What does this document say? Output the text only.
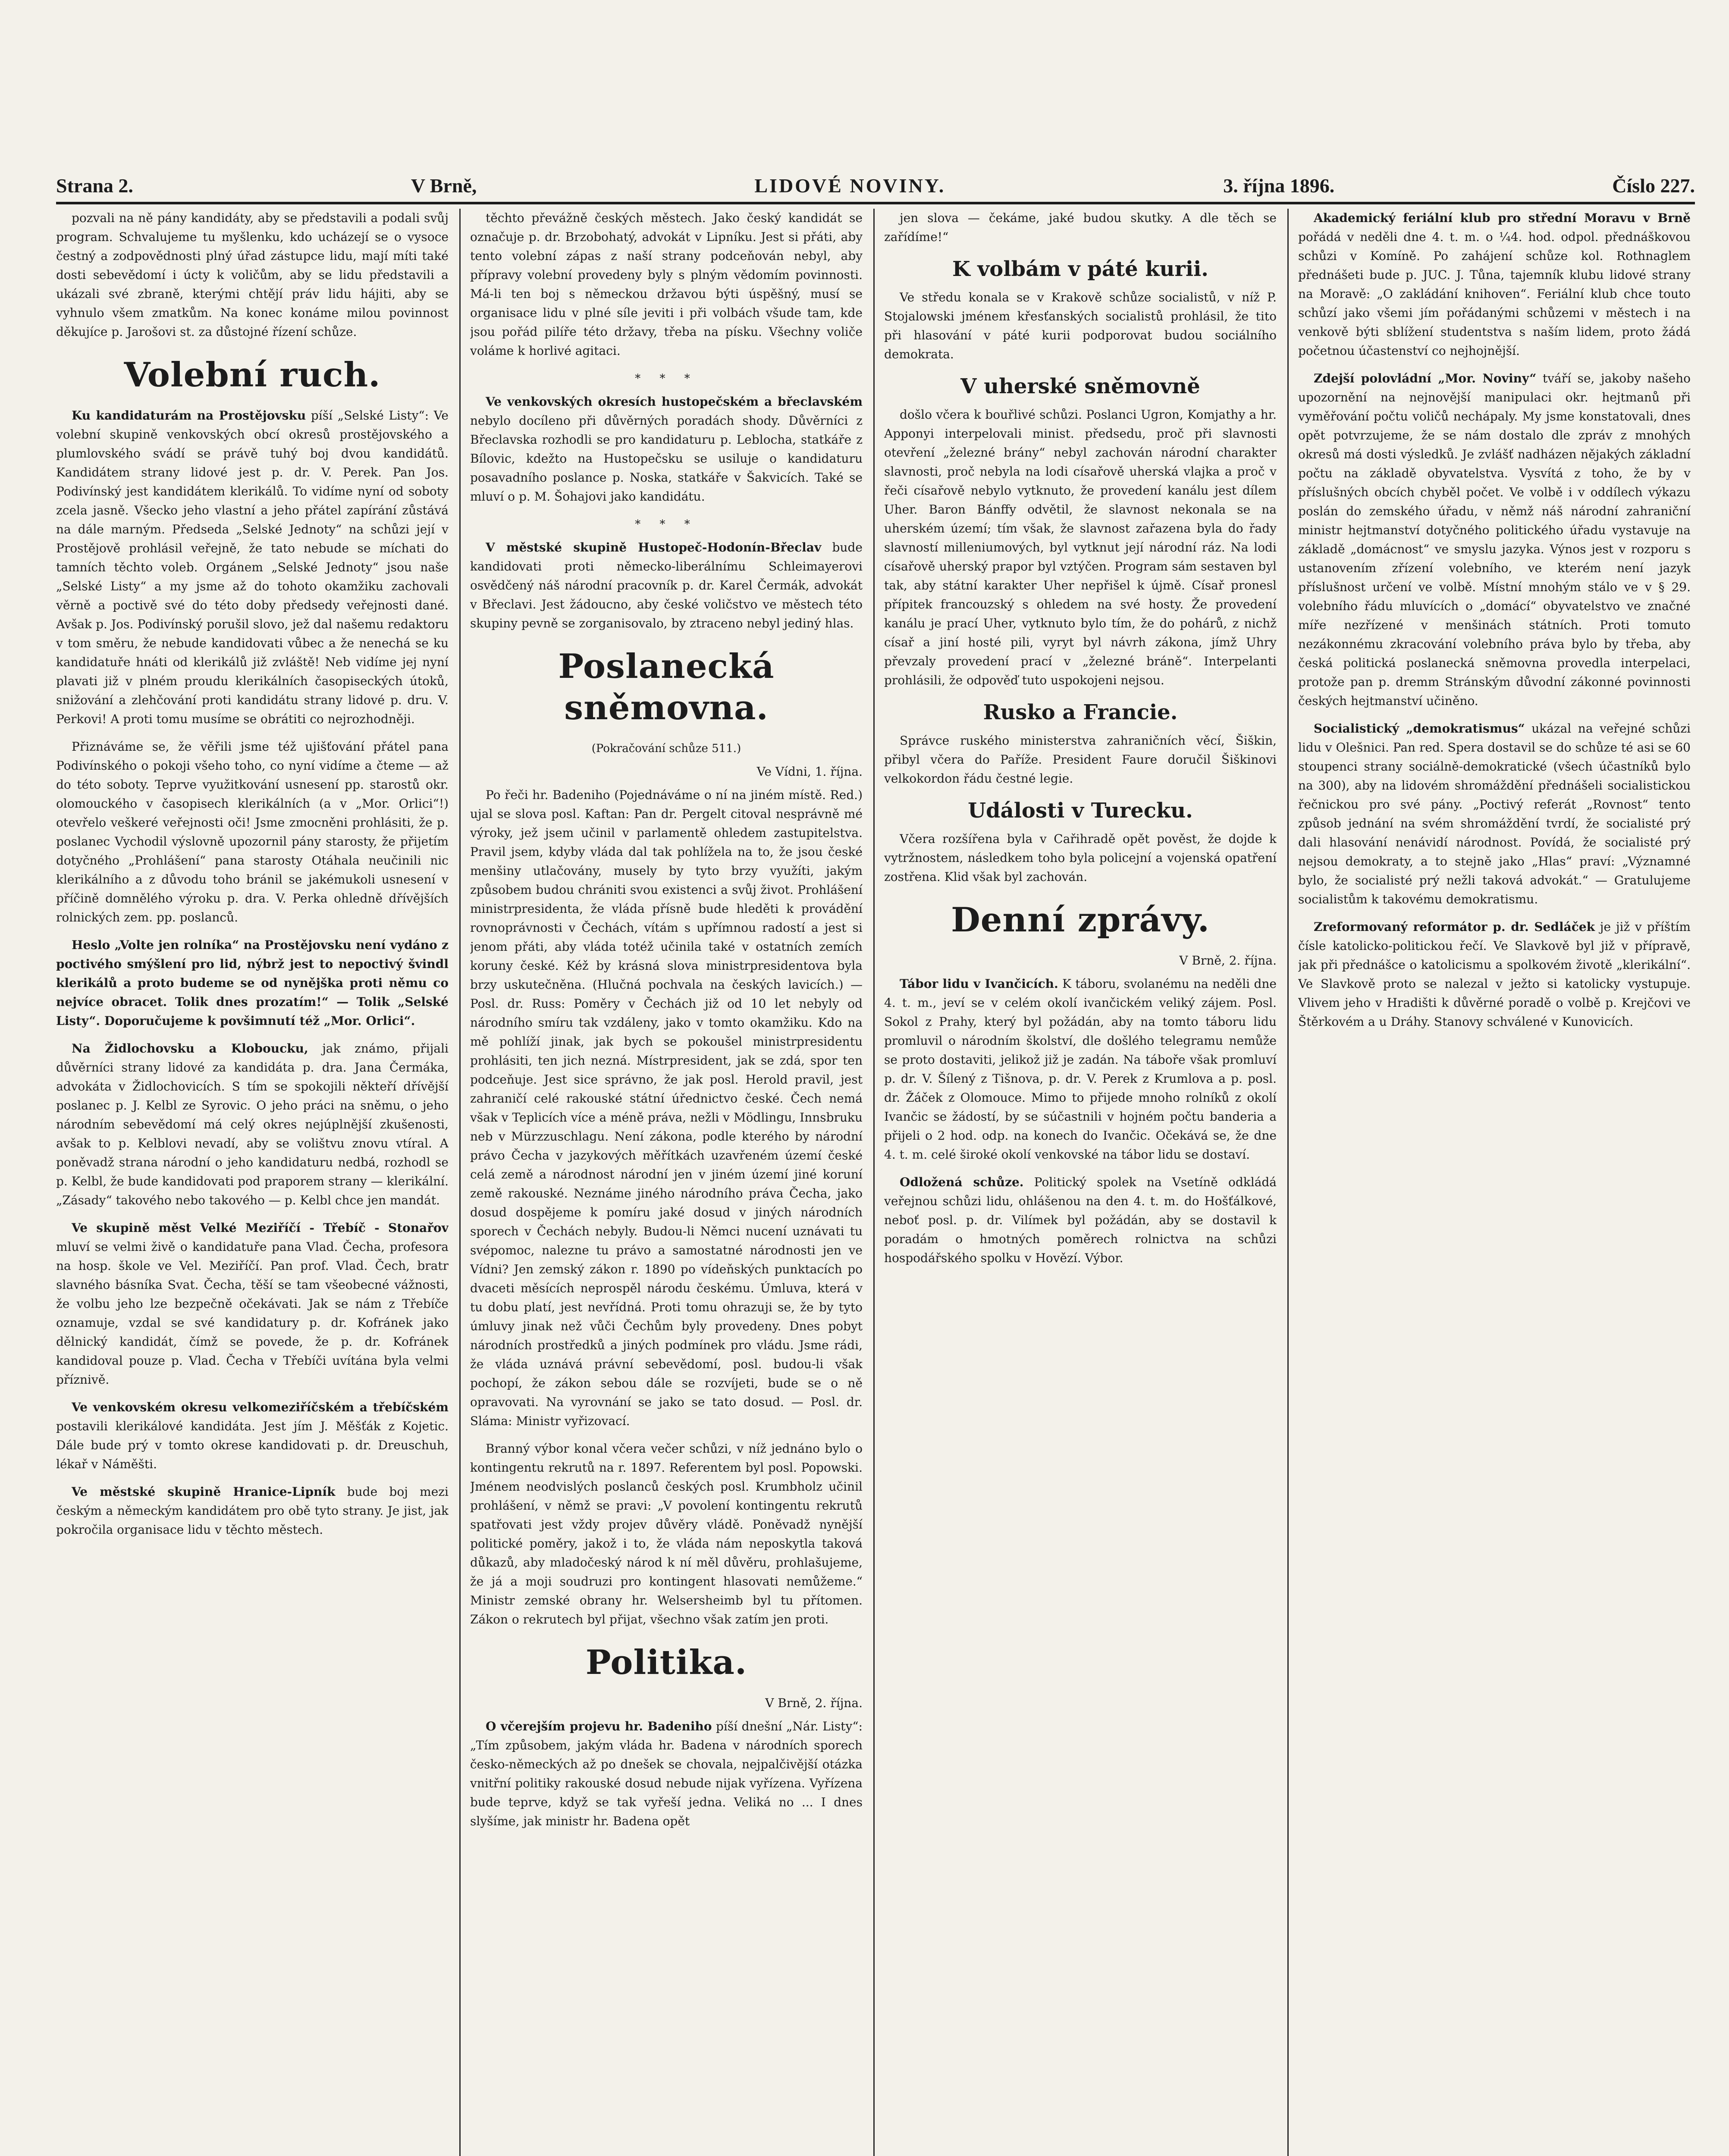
Strana 2.	V Brně,	LIDOVÉ NOVINY.	3. října 1896.	Číslo 227.

pozvali na ně pány kandidáty, aby se představili a podali svůj program. Schvalujeme tu myšlenku, kdo ucházejí se o vysoce čestný a zodpovědnosti plný úřad zástupce lidu, mají míti také dosti sebevědomí i úcty k voličům, aby se lidu představili a ukázali své zbraně, kterými chtějí práv lidu hájiti, aby se vyhnulo všem zmatkům. Na konec konáme milou povinnost děkujíce p. Jarošovi st. za důstojné řízení schůze.

Volební ruch.

Ku kandidaturám na Prostějovsku píší „Selské Listy“: Ve volební skupině venkovských obcí okresů prostějovského a plumlovského svádí se právě tuhý boj dvou kandidátů. Kandidátem strany lidové jest p. dr. V. Perek. Pan Jos. Podivínský jest kandidátem klerikálů. To vidíme nyní od soboty zcela jasně. Všecko jeho vlastní a jeho přátel zapírání zůstává na dále marným. Předseda „Selské Jednoty“ na schůzi její v Prostějově prohlásil veřejně, že tato nebude se míchati do tamních těchto voleb. Orgánem „Selské Jednoty“ jsou naše „Selské Listy“ a my jsme až do tohoto okamžiku zachovali věrně a poctivě své do této doby předsedy veřejnosti dané. Avšak p. Jos. Podivínský porušil slovo, jež dal našemu redaktoru v tom směru, že nebude kandidovati vůbec a že nenechá se ku kandidatuře hnáti od klerikálů již zvláště! Neb vidíme jej nyní plavati již v plném proudu klerikálních časopiseckých útoků, snižování a zlehčování proti kandidátu strany lidové p. dru. V. Perkovi! A proti tomu musíme se obrátiti co nejrozhodněji.

Přiznáváme se, že věřili jsme též ujišťování přátel pana Podivínského o pokoji všeho toho, co nyní vidíme a čteme — až do této soboty. Teprve využitkování usnesení pp. starostů okr. olomouckého v časopisech klerikálních (a v „Mor. Orlici“!) otevřelo veškeré veřejnosti oči! Jsme zmocněni prohlásiti, že p. poslanec Vychodil výslovně upozornil pány starosty, že přijetím dotyčného „Prohlášení“ pana starosty Otáhala neučinili nic klerikálního a z důvodu toho bránil se jakémukoli usnesení v příčině domnělého výroku p. dra. V. Perka ohledně dřívějších rolnických zem. pp. poslanců.

Heslo „Volte jen rolníka“ na Prostějovsku není vydáno z poctivého smýšlení pro lid, nýbrž jest to nepoctivý švindl klerikálů a proto budeme se od nynějška proti němu co nejvíce obracet. Tolik dnes prozatím!“ — Tolik „Selské Listy“. Doporučujeme k povšimnutí též „Mor. Orlici“.

Na Židlochovsku a Kloboucku, jak známo, přijali důvěrníci strany lidové za kandidáta p. dra. Jana Čermáka, advokáta v Židlochovicích. S tím se spokojili někteří dřívější poslanec p. J. Kelbl ze Syrovic. O jeho práci na sněmu, o jeho národním sebevědomí má celý okres nejúplnější zkušenosti, avšak to p. Kelblovi nevadí, aby se volištvu znovu vtíral. A poněvadž strana národní o jeho kandidaturu nedbá, rozhodl se p. Kelbl, že bude kandidovati pod praporem strany — klerikální. „Zásady“ takového nebo takového — p. Kelbl chce jen mandát.

Ve skupině měst Velké Meziříčí - Třebíč - Stonařov mluví se velmi živě o kandidatuře pana Vlad. Čecha, profesora na hosp. škole ve Vel. Meziříčí. Pan prof. Vlad. Čech, bratr slavného básníka Svat. Čecha, těší se tam všeobecné vážnosti, že volbu jeho lze bezpečně očekávati. Jak se nám z Třebíče oznamuje, vzdal se své kandidatury p. dr. Kofránek jako dělnický kandidát, čímž se povede, že p. dr. Kofránek kandidoval pouze p. Vlad. Čecha v Třebíči uvítána byla velmi příznivě.

Ve venkovském okresu velkomeziříčském a třebíčském postavili klerikálové kandidáta. Jest jím J. Měšťák z Kojetic. Dále bude prý v tomto okrese kandidovati p. dr. Dreuschuh, lékař v Náměšti.

Ve městské skupině Hranice-Lipník bude boj mezi českým a německým kandidátem pro obě tyto strany. Je jist, jak pokročila organisace lidu v těchto městech.

těchto převážně českých městech. Jako český kandidát se označuje p. dr. Brzobohatý, advokát v Lipníku. Jest si přáti, aby tento volební zápas z naší strany podceňován nebyl, aby přípravy volební provedeny byly s plným vědomím povinnosti. Má-li ten boj s německou državou býti úspěšný, musí se organisace lidu v plné síle jeviti i při volbách všude tam, kde jsou pořád pilíře této državy, třeba na písku. Všechny voliče voláme k horlivé agitaci.

* * *

Ve venkovských okresích hustopečském a břeclavském nebylo docíleno při důvěrných poradách shody. Důvěrníci z Břeclavska rozhodli se pro kandidaturu p. Leblocha, statkáře z Bílovic, kdežto na Hustopečsku se usiluje o kandidaturu posavadního poslance p. Noska, statkáře v Šakvicích. Také se mluví o p. M. Šohajovi jako kandidátu.

* * *

V městské skupině Hustopeč-Hodonín-Břeclav bude kandidovati proti německo-liberálnímu Schleimayerovi osvědčený náš národní pracovník p. dr. Karel Čermák, advokát v Břeclavi. Jest žádoucno, aby české voličstvo ve městech této skupiny pevně se zorganisovalo, by ztraceno nebyl jediný hlas.

Poslanecká sněmovna.
(Pokračování schůze 511.)
Ve Vídni, 1. října.

Po řeči hr. Badeniho (Pojednáváme o ní na jiném místě. Red.) ujal se slova posl. Kaftan: Pan dr. Pergelt citoval nesprávně mé výroky, jež jsem učinil v parlamentě ohledem zastupitelstva. Pravil jsem, kdyby vláda dal tak pohlížela na to, že jsou české menšiny utlačovány, musely by tyto brzy využíti, jakým způsobem budou chrániti svou existenci a svůj život. Prohlášení ministrpresidenta, že vláda přísně bude hleděti k provádění rovnoprávnosti v Čechách, vítám s upřímnou radostí a jest si jenom přáti, aby vláda totéž učinila také v ostatních zemích koruny české. Kéž by krásná slova ministrpresidentova byla brzy uskutečněna. (Hlučná pochvala na českých lavicích.) — Posl. dr. Russ: Poměry v Čechách již od 10 let nebyly od národního smíru tak vzdáleny, jako v tomto okamžiku. Kdo na mě pohlíží jinak, jak bych se pokoušel ministrpresidentu prohlásiti, ten jich nezná. Místrpresident, jak se zdá, spor ten podceňuje. Jest sice správno, že jak posl. Herold pravil, jest zahraničí celé rakouské státní úřednictvo české. Čech nemá však v Teplicích více a méně práva, nežli v Mödlingu, Innsbruku neb v Mürzzuschlagu. Není zákona, podle kterého by národní právo Čecha v jazykových měřítkách uzavřeném území české celá země a národnost národní jen v jiném území jiné koruní země rakouské. Neznáme jiného národního práva Čecha, jako dosud dospějeme k pomíru jaké dosud v jiných národních sporech v Čechách nebyly. Budou-li Němci nucení uznávati tu svépomoc, nalezne tu právo a samostatné národnosti jen ve Vídni? Jen zemský zákon r. 1890 po vídeňských punktacích po dvaceti měsících neprospěl národu českému. Úmluva, která v tu dobu platí, jest nevřídná. Proti tomu ohrazuji se, že by tyto úmluvy jinak než vůči Čechům byly provedeny. Dnes pobyt národních prostředků a jiných podmínek pro vládu. Jsme rádi, že vláda uznává právní sebevědomí, posl. budou-li však pochopí, že zákon sebou dále se rozvíjeti, bude se o ně opravovati. Na vyrovnání se jako se tato dosud. — Posl. dr. Sláma: Ministr vyřizovací.

Branný výbor konal včera večer schůzi, v níž jednáno bylo o kontingentu rekrutů na r. 1897. Referentem byl posl. Popowski. Jménem neodvislých poslanců českých posl. Krumbholz učinil prohlášení, v němž se pravi: „V povolení kontingentu rekrutů spatřovati jest vždy projev důvěry vládě. Poněvadž nynější politické poměry, jakož i to, že vláda nám neposkytla taková důkazů, aby mladočeský národ k ní měl důvěru, prohlašujeme, že já a moji soudruzi pro kontingent hlasovati nemůžeme.“ Ministr zemské obrany hr. Welsersheimb byl tu přítomen. Zákon o rekrutech byl přijat, všechno však zatím jen proti.

Politika.
V Brně, 2. října.

O včerejším projevu hr. Badeniho píší dnešní „Nár. Listy“: „Tím způsobem, jakým vláda hr. Badena v národních sporech česko-německých až po dnešek se chovala, nejpalčivější otázka vnitřní politiky rakouské dosud nebude nijak vyřízena. Vyřízena bude teprve, když se tak vyřeší jedna. Veliká no ... I dnes slyšíme, jak ministr hr. Badena opět

jen slova — čekáme, jaké budou skutky. A dle těch se zařídíme!“

K volbám v páté kurii.

Ve středu konala se v Krakově schůze socialistů, v níž P. Stojalowski jménem křesťanských socialistů prohlásil, že tito při hlasování v páté kurii podporovat budou sociálního demokrata.

V uherské sněmovně

došlo včera k bouřlivé schůzi. Poslanci Ugron, Komjathy a hr. Apponyi interpelovali minist. předsedu, proč při slavnosti otevření „železné brány“ nebyl zachován národní charakter slavnosti, proč nebyla na lodi císařově uherská vlajka a proč v řeči císařově nebylo vytknuto, že provedení kanálu jest dílem Uher. Baron Bánffy odvětil, že slavnost nekonala se na uherském území; tím však, že slavnost zařazena byla do řady slavností milleniumových, byl vytknut její národní ráz. Na lodi císařově uherský prapor byl vztýčen. Program sám sestaven byl tak, aby státní karakter Uher nepřišel k újmě. Císař pronesl přípitek francouzský s ohledem na své hosty. Že provedení kanálu je prací Uher, vytknuto bylo tím, že do pohárů, z nichž císař a jiní hosté pili, vyryt byl návrh zákona, jímž Uhry převzaly provedení prací v „železné bráně“. Interpelanti prohlásili, že odpověď tuto uspokojeni nejsou.

Rusko a Francie.

Správce ruského ministerstva zahraničních věcí, Šiškin, přibyl včera do Paříže. President Faure doručil Šiškinovi velkokordon řádu čestné legie.

Události v Turecku.

Včera rozšířena byla v Cařihradě opět pověst, že dojde k vytržnostem, následkem toho byla policejní a vojenská opatření zostřena. Klid však byl zachován.

Denní zprávy.
V Brně, 2. října.

Tábor lidu v Ivančicích. K táboru, svolanému na neděli dne 4. t. m., jeví se v celém okolí ivančickém veliký zájem. Posl. Sokol z Prahy, který byl požádán, aby na tomto táboru lidu promluvil o národním školství, dle došlého telegramu nemůže se proto dostaviti, jelikož již je zadán. Na táboře však promluví p. dr. V. Šílený z Tišnova, p. dr. V. Perek z Krumlova a p. posl. dr. Žáček z Olomouce. Mimo to přijede mnoho rolníků z okolí Ivančic se žádostí, by se súčastnili v hojném počtu banderia a přijeli o 2 hod. odp. na konech do Ivančic. Očekává se, že dne 4. t. m. celé široké okolí venkovské na tábor lidu se dostaví.

Odložená schůze. Politický spolek na Vsetíně odkládá veřejnou schůzi lidu, ohlášenou na den 4. t. m. do Hošťálkové, neboť posl. p. dr. Vilímek byl požádán, aby se dostavil k poradám o hmotných poměrech rolnictva na schůzi hospodářského spolku v Hovězí. Výbor.

Akademický feriální klub pro střední Moravu v Brně pořádá v neděli dne 4. t. m. o ¼4. hod. odpol. přednáškovou schůzi v Komíně. Po zahájení schůze kol. Rothnaglem přednášeti bude p. JUC. J. Tůna, tajemník klubu lidové strany na Moravě: „O zakládání knihoven“. Feriální klub chce touto schůzí jako všemi jím pořádanými schůzemi v městech i na venkově býti sblížení studentstva s naším lidem, proto žádá početnou účastenství co nejhojnější.

Zdejší polovládní „Mor. Noviny“ tváří se, jakoby našeho upozornění na nejnovější manipulaci okr. hejtmanů při vyměřování počtu voličů nechápaly. My jsme konstatovali, dnes opět potvrzujeme, že se nám dostalo dle zpráv z mnohých okresů má dosti výsledků. Je zvlášť nadházen nějakých základní počtu na základě obyvatelstva. Vysvítá z toho, že by v příslušných obcích chyběl počet. Ve volbě i v oddílech výkazu poslán do zemského úřadu, v němž náš národní zahraniční ministr hejtmanství dotyčného politického úřadu vystavuje na základě „domácnost“ ve smyslu jazyka. Výnos jest v rozporu s ustanovením zřízení volebního, ve kterém není jazyk příslušnost určení ve volbě. Místní mnohým stálo ve v § 29. volebního řádu mluvících o „domácí“ obyvatelstvo ve značné míře nezřízené v menšinách státních. Proti tomuto nezákonnému zkracování volebního práva bylo by třeba, aby česká politická poslanecká sněmovna provedla interpelaci, protože pan p. dremm Stránským důvodní zákonné povinnosti českých hejtmanství učiněno.

Socialistický „demokratismus“ ukázal na veřejné schůzi lidu v Olešnici. Pan red. Spera dostavil se do schůze té asi se 60 stoupenci strany sociálně-demokratické (všech účastníků bylo na 300), aby na lidovém shromáždění přednášeli socialistickou řečnickou pro své pány. „Poctivý referát „Rovnost“ tento způsob jednání na svém shromáždění tvrdí, že socialisté prý dali hlasování nenávidí národnost. Povídá, že socialisté prý nejsou demokraty, a to stejně jako „Hlas“ praví: „Významné bylo, že socialisté prý nežli taková advokát.“ — Gratulujeme socialistům k takovému demokratismu.

Zreformovaný reformátor p. dr. Sedláček je již v příštím čísle katolicko-politickou řečí. Ve Slavkově byl již v přípravě, jak při přednášce o katolicismu a spolkovém životě „klerikální“. Ve Slavkově proto se nalezal v ježto si katolicky vystupuje. Vlivem jeho v Hradišti k důvěrné poradě o volbě p. Krejčovi ve Štěrkovém a u Dráhy. Stanovy schválené v Kunovicích.
